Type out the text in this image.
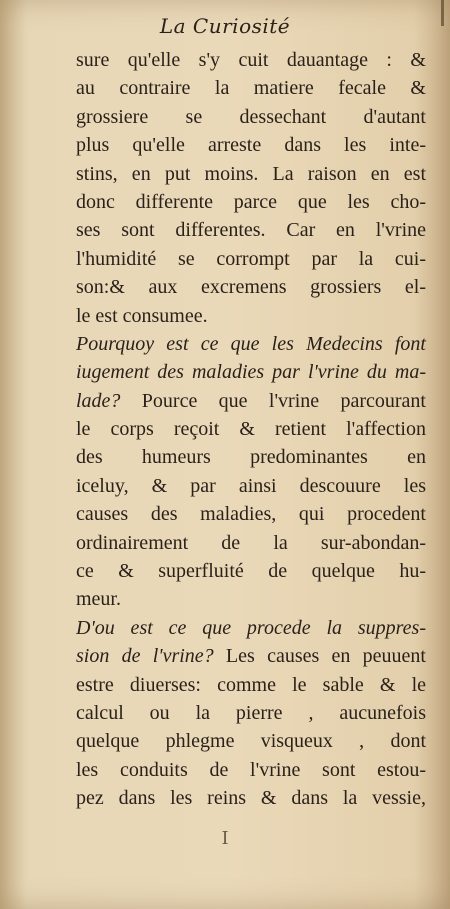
La Curiosité
sure qu'elle s'y cuit dauantage : &
au contraire la matiere fecale &
grossiere se dessechant d'autant
plus qu'elle arreste dans les inte-
stins, en put moins. La raison en est
donc differente parce que les cho-
ses sont differentes. Car en l'vrine
l'humidité se corrompt par la cui-
son:& aux excremens grossiers el-
le est consumee.
Pourquoy est ce que les Medecins font
iugement des maladies par l'vrine du ma-
lade? Pource que l'vrine parcourant
le corps reçoit & retient l'affection
des humeurs predominantes en
iceluy, & par ainsi descouure les
causes des maladies, qui procedent
ordinairement de la sur-abondan-
ce & superfluité de quelque hu-
meur.
D'ou est ce que procede la suppres-
sion de l'vrine? Les causes en peuuent
estre diuerses: comme le sable & le
calcul ou la pierre , aucunefois
quelque phlegme visqueux , dont
les conduits de l'vrine sont estou-
pez dans les reins & dans la vessie,
I
